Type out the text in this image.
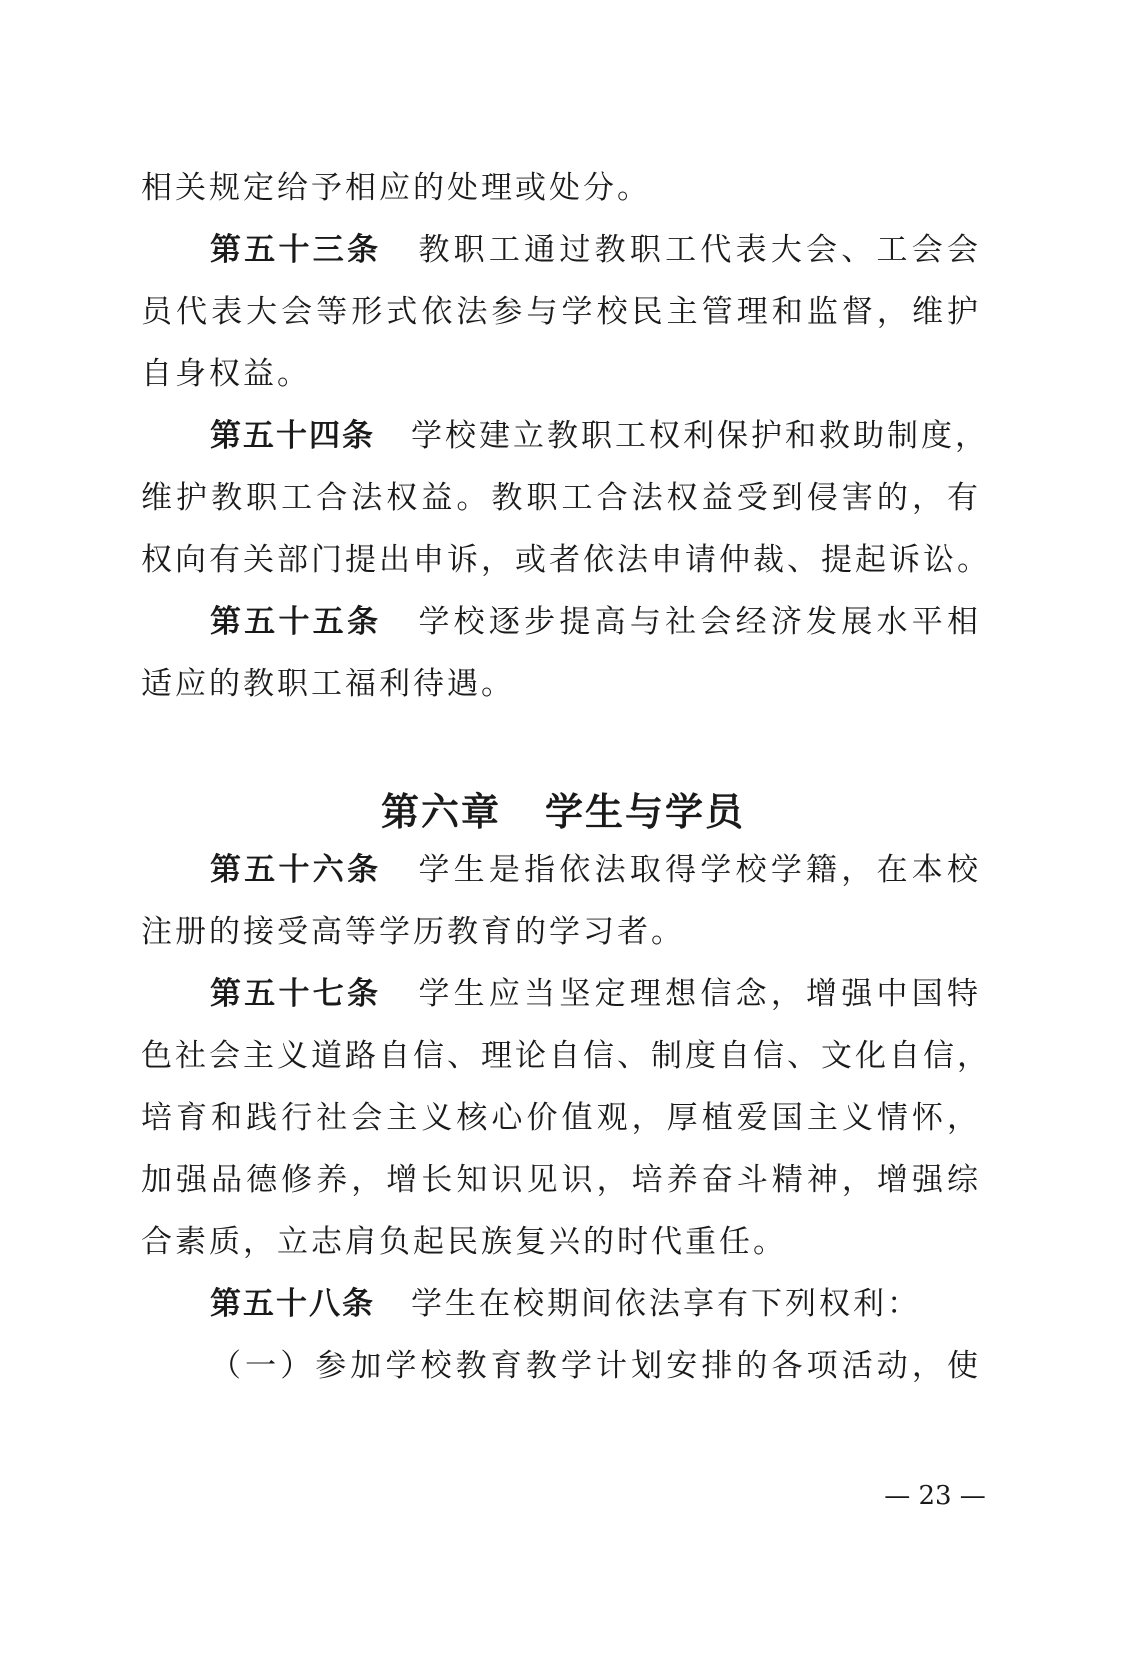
相关规定给予相应的处理或处分。
第五十三条 教职工通过教职工代表大会、工会会
员代表大会等形式依法参与学校民主管理和监督，维护
自身权益。
第五十四条 学校建立教职工权利保护和救助制度，
维护教职工合法权益。教职工合法权益受到侵害的，有
权向有关部门提出申诉，或者依法申请仲裁、提起诉讼。
第五十五条 学校逐步提高与社会经济发展水平相
适应的教职工福利待遇。
第六章 学生与学员
第五十六条 学生是指依法取得学校学籍，在本校
注册的接受高等学历教育的学习者。
第五十七条 学生应当坚定理想信念，增强中国特
色社会主义道路自信、理论自信、制度自信、文化自信，
培育和践行社会主义核心价值观，厚植爱国主义情怀，
加强品德修养，增长知识见识，培养奋斗精神，增强综
合素质，立志肩负起民族复兴的时代重任。
第五十八条 学生在校期间依法享有下列权利：
（一）参加学校教育教学计划安排的各项活动，使
— 23 —
